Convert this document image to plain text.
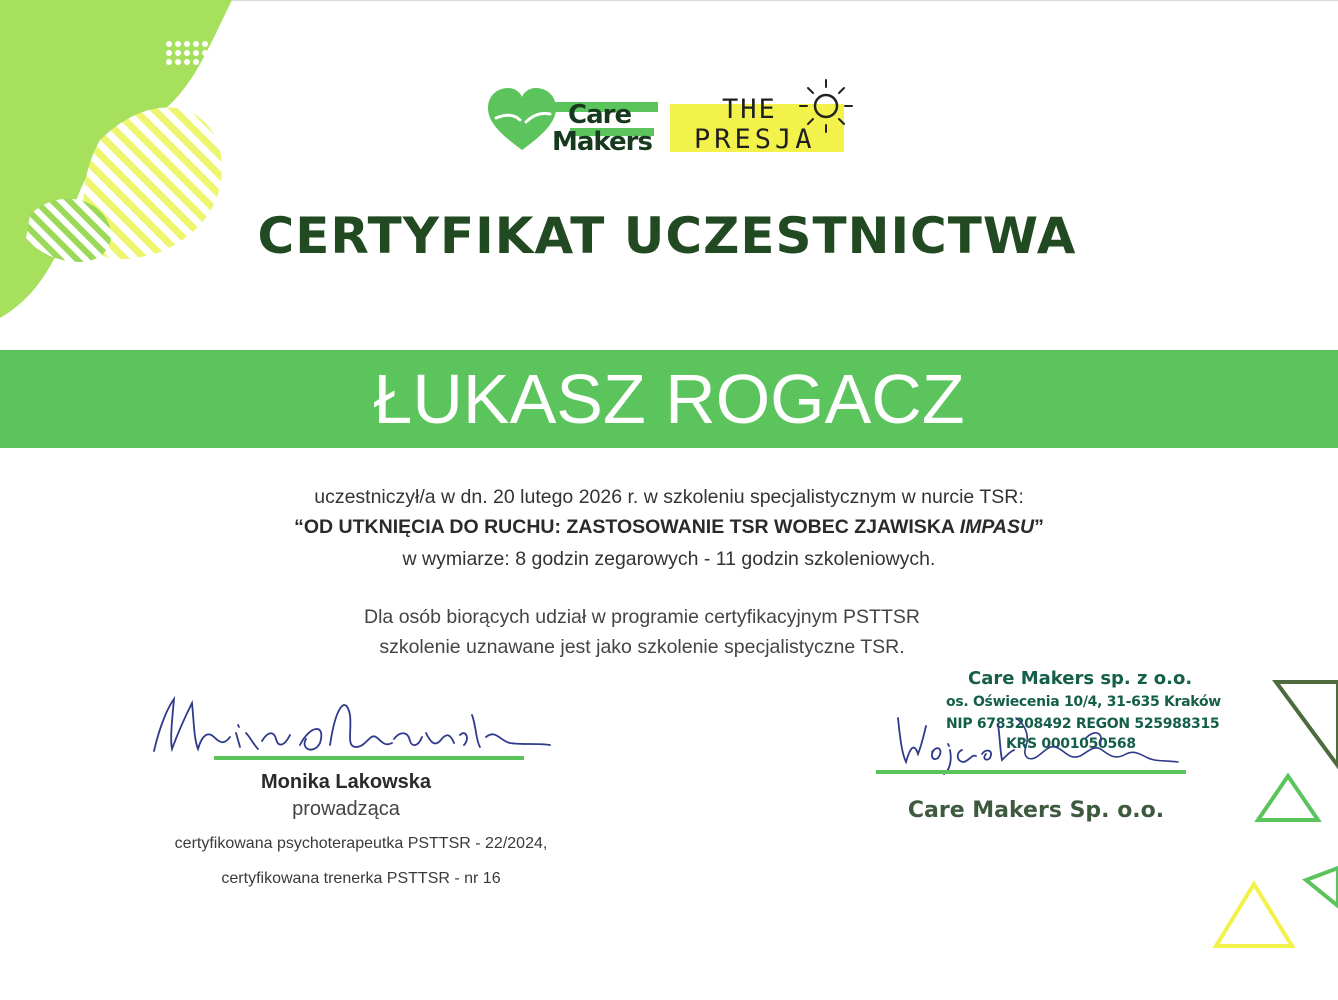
Care
Makers
THE
PRESJA
CERTYFIKAT UCZESTNICTWA
ŁUKASZ ROGACZ
uczestniczył/a w dn. 20 lutego 2026 r. w szkoleniu specjalistycznym w nurcie TSR:
“OD UTKNIĘCIA DO RUCHU: ZASTOSOWANIE TSR WOBEC ZJAWISKA IMPASU”
w wymiarze: 8 godzin zegarowych - 11 godzin szkoleniowych.
Dla osób biorących udział w programie certyfikacyjnym PSTTSR
szkolenie uznawane jest jako szkolenie specjalistyczne TSR.
Monika Lakowska
prowadząca
certyfikowana psychoterapeutka PSTTSR - 22/2024,
certyfikowana trenerka PSTTSR - nr 16
Care Makers sp. z o.o.
os. Oświecenia 10/4, 31-635 Kraków
NIP 6783208492 REGON 525988315
KRS 0001050568
Care Makers Sp. o.o.
